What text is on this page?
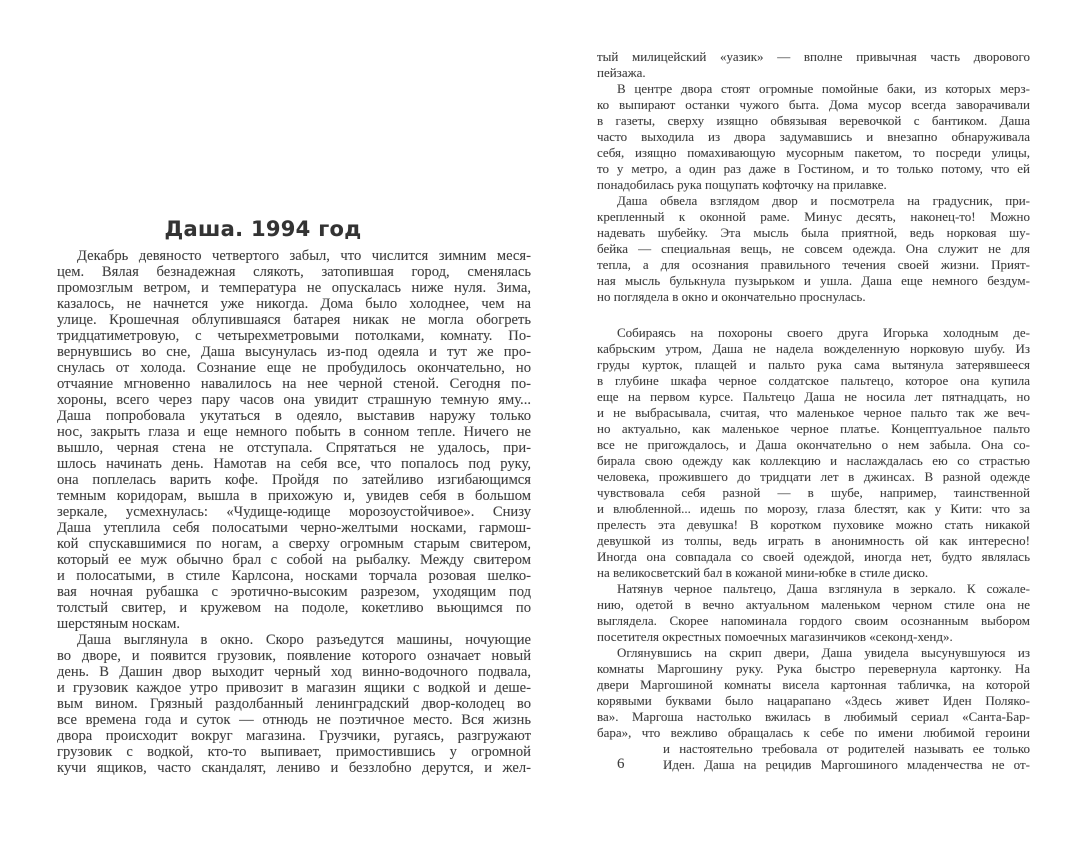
Даша. 1994 год
Декабрь девяносто четвертого забыл, что числится зимним меся-
цем. Вялая безнадежная слякоть, затопившая город, сменялась
промозглым ветром, и температура не опускалась ниже нуля. Зима,
казалось, не начнется уже никогда. Дома было холоднее, чем на
улице. Крошечная облупившаяся батарея никак не могла обогреть
тридцатиметровую, с четырехметровыми потолками, комнату. По-
вернувшись во сне, Даша высунулась из-под одеяла и тут же про-
снулась от холода. Сознание еще не пробудилось окончательно, но
отчаяние мгновенно навалилось на нее черной стеной. Сегодня по-
хороны, всего через пару часов она увидит страшную темную яму...
Даша попробовала укутаться в одеяло, выставив наружу только
нос, закрыть глаза и еще немного побыть в сонном тепле. Ничего не
вышло, черная стена не отступала. Спрятаться не удалось, при-
шлось начинать день. Намотав на себя все, что попалось под руку,
она поплелась варить кофе. Пройдя по затейливо изгибающимся
темным коридорам, вышла в прихожую и, увидев себя в большом
зеркале, усмехнулась: «Чудище-юдище морозоустойчивое». Снизу
Даша утеплила себя полосатыми черно-желтыми носками, гармош-
кой спускавшимися по ногам, а сверху огромным старым свитером,
который ее муж обычно брал с собой на рыбалку. Между свитером
и полосатыми, в стиле Карлсона, носками торчала розовая шелко-
вая ночная рубашка с эротично-высоким разрезом, уходящим под
толстый свитер, и кружевом на подоле, кокетливо вьющимся по
шерстяным носкам.
Даша выглянула в окно. Скоро разъедутся машины, ночующие
во дворе, и появится грузовик, появление которого означает новый
день. В Дашин двор выходит черный ход винно-водочного подвала,
и грузовик каждое утро привозит в магазин ящики с водкой и деше-
вым вином. Грязный раздолбанный ленинградский двор-колодец во
все времена года и суток — отнюдь не поэтичное место. Вся жизнь
двора происходит вокруг магазина. Грузчики, ругаясь, разгружают
грузовик с водкой, кто-то выпивает, примостившись у огромной
кучи ящиков, часто скандалят, лениво и беззлобно дерутся, и жел-
тый милицейский «уазик» — вполне привычная часть дворового
пейзажа.
В центре двора стоят огромные помойные баки, из которых мерз-
ко выпирают останки чужого быта. Дома мусор всегда заворачивали
в газеты, сверху изящно обвязывая веревочкой с бантиком. Даша
часто выходила из двора задумавшись и внезапно обнаруживала
себя, изящно помахивающую мусорным пакетом, то посреди улицы,
то у метро, а один раз даже в Гостином, и то только потому, что ей
понадобилась рука пощупать кофточку на прилавке.
Даша обвела взглядом двор и посмотрела на градусник, при-
крепленный к оконной раме. Минус десять, наконец-то! Можно
надевать шубейку. Эта мысль была приятной, ведь норковая шу-
бейка — специальная вещь, не совсем одежда. Она служит не для
тепла, а для осознания правильного течения своей жизни. Прият-
ная мысль булькнула пузырьком и ушла. Даша еще немного бездум-
но поглядела в окно и окончательно проснулась.
Собираясь на похороны своего друга Игорька холодным де-
кабрьским утром, Даша не надела вожделенную норковую шубу. Из
груды курток, плащей и пальто рука сама вытянула затерявшееся
в глубине шкафа черное солдатское пальтецо, которое она купила
еще на первом курсе. Пальтецо Даша не носила лет пятнадцать, но
и не выбрасывала, считая, что маленькое черное пальто так же веч-
но актуально, как маленькое черное платье. Концептуальное пальто
все не пригождалось, и Даша окончательно о нем забыла. Она со-
бирала свою одежду как коллекцию и наслаждалась ею со страстью
человека, прожившего до тридцати лет в джинсах. В разной одежде
чувствовала себя разной — в шубе, например, таинственной
и влюбленной... идешь по морозу, глаза блестят, как у Кити: что за
прелесть эта девушка! В коротком пуховике можно стать никакой
девушкой из толпы, ведь играть в анонимность ой как интересно!
Иногда она совпадала со своей одеждой, иногда нет, будто являлась
на великосветский бал в кожаной мини-юбке в стиле диско.
Натянув черное пальтецо, Даша взглянула в зеркало. К сожале-
нию, одетой в вечно актуальном маленьком черном стиле она не
выглядела. Скорее напоминала гордого своим осознанным выбором
посетителя окрестных помоечных магазинчиков «секонд-хенд».
Оглянувшись на скрип двери, Даша увидела высунувшуюся из
комнаты Маргошину руку. Рука быстро перевернула картонку. На
двери Маргошиной комнаты висела картонная табличка, на которой
корявыми буквами было нацарапано «Здесь живет Иден Поляко-
ва». Маргоша настолько вжилась в любимый сериал «Санта-Бар-
бара», что вежливо обращалась к себе по имени любимой героини
и настоятельно требовала от родителей называть ее только
Иден. Даша на рецидив Маргошиного младенчества не от-
6
